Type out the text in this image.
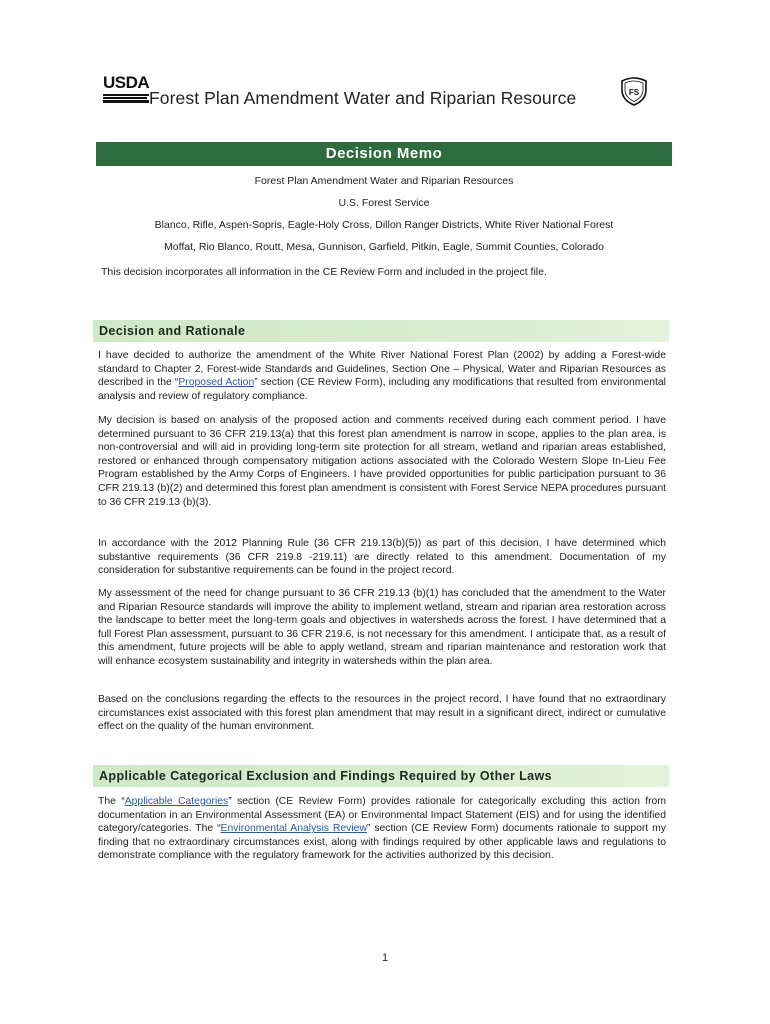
USDA
Forest Plan Amendment Water and Riparian Resource	FS
Decision Memo
Forest Plan Amendment Water and Riparian Resources
U.S. Forest Service
Blanco, Rifle, Aspen-Sopris, Eagle-Holy Cross, Dillon Ranger Districts, White River National Forest
Moffat, Rio Blanco, Routt, Mesa, Gunnison, Garfield, Pitkin, Eagle, Summit Counties, Colorado
This decision incorporates all information in the CE Review Form and included in the project file.
Decision and Rationale
I have decided to authorize the amendment of the White River National Forest Plan (2002) by adding a Forest-wide standard to Chapter 2, Forest-wide Standards and Guidelines, Section One – Physical, Water and Riparian Resources as described in the “Proposed Action” section (CE Review Form), including any modifications that resulted from environmental analysis and review of regulatory compliance.
My decision is based on analysis of the proposed action and comments received during each comment period. I have determined pursuant to 36 CFR 219.13(a) that this forest plan amendment is narrow in scope, applies to the plan area, is non-controversial and will aid in providing long-term site protection for all stream, wetland and riparian areas established, restored or enhanced through compensatory mitigation actions associated with the Colorado Western Slope In-Lieu Fee Program established by the Army Corps of Engineers. I have provided opportunities for public participation pursuant to 36 CFR 219.13 (b)(2) and determined this forest plan amendment is consistent with Forest Service NEPA procedures pursuant to 36 CFR 219.13 (b)(3).
In accordance with the 2012 Planning Rule (36 CFR 219.13(b)(5)) as part of this decision, I have determined which substantive requirements (36 CFR 219.8 -219.11) are directly related to this amendment. Documentation of my consideration for substantive requirements can be found in the project record.
My assessment of the need for change pursuant to 36 CFR 219.13 (b)(1) has concluded that the amendment to the Water and Riparian Resource standards will improve the ability to implement wetland, stream and riparian area restoration across the landscape to better meet the long-term goals and objectives in watersheds across the forest. I have determined that a full Forest Plan assessment, pursuant to 36 CFR 219.6, is not necessary for this amendment. I anticipate that, as a result of this amendment, future projects will be able to apply wetland, stream and riparian maintenance and restoration work that will enhance ecosystem sustainability and integrity in watersheds within the plan area.
Based on the conclusions regarding the effects to the resources in the project record, I have found that no extraordinary circumstances exist associated with this forest plan amendment that may result in a significant direct, indirect or cumulative effect on the quality of the human environment.
Applicable Categorical Exclusion and Findings Required by Other Laws
The “Applicable Categories” section (CE Review Form) provides rationale for categorically excluding this action from documentation in an Environmental Assessment (EA) or Environmental Impact Statement (EIS) and for using the identified category/categories. The “Environmental Analysis Review” section (CE Review Form) documents rationale to support my finding that no extraordinary circumstances exist, along with findings required by other applicable laws and regulations to demonstrate compliance with the regulatory framework for the activities authorized by this decision.
1
